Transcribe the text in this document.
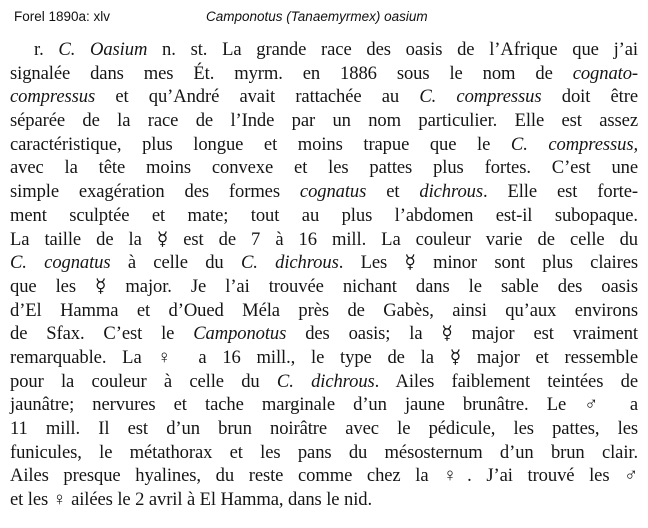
Forel 1890a: xlv	Camponotus (Tanaemyrmex) oasium
r. C. Oasium n. st. La grande race des oasis de l’Afrique que j’ai
signalée dans mes Ét. myrm. en 1886 sous le nom de cognato-
compressus et qu’André avait rattachée au C. compressus doit être
séparée de la race de l’Inde par un nom particulier. Elle est assez
caractéristique, plus longue et moins trapue que le C. compressus,
avec la tête moins convexe et les pattes plus fortes. C’est une
simple exagération des formes cognatus et dichrous. Elle est forte-
ment sculptée et mate; tout au plus l’abdomen est-il subopaque.
La taille de la ☿ est de 7 à 16 mill. La couleur varie de celle du
C. cognatus à celle du C. dichrous. Les ☿ minor sont plus claires
que les ☿ major. Je l’ai trouvée nichant dans le sable des oasis
d’El Hamma et d’Oued Méla près de Gabès, ainsi qu’aux environs
de Sfax. C’est le Camponotus des oasis; la ☿ major est vraiment
remarquable. La ♀ a 16 mill., le type de la ☿ major et ressemble
pour la couleur à celle du C. dichrous. Ailes faiblement teintées de
jaunâtre; nervures et tache marginale d’un jaune brunâtre. Le ♂ a
11 mill. Il est d’un brun noirâtre avec le pédicule, les pattes, les
funicules, le métathorax et les pans du mésosternum d’un brun clair.
Ailes presque hyalines, du reste comme chez la ♀. J’ai trouvé les ♂
et les ♀ ailées le 2 avril à El Hamma, dans le nid.
